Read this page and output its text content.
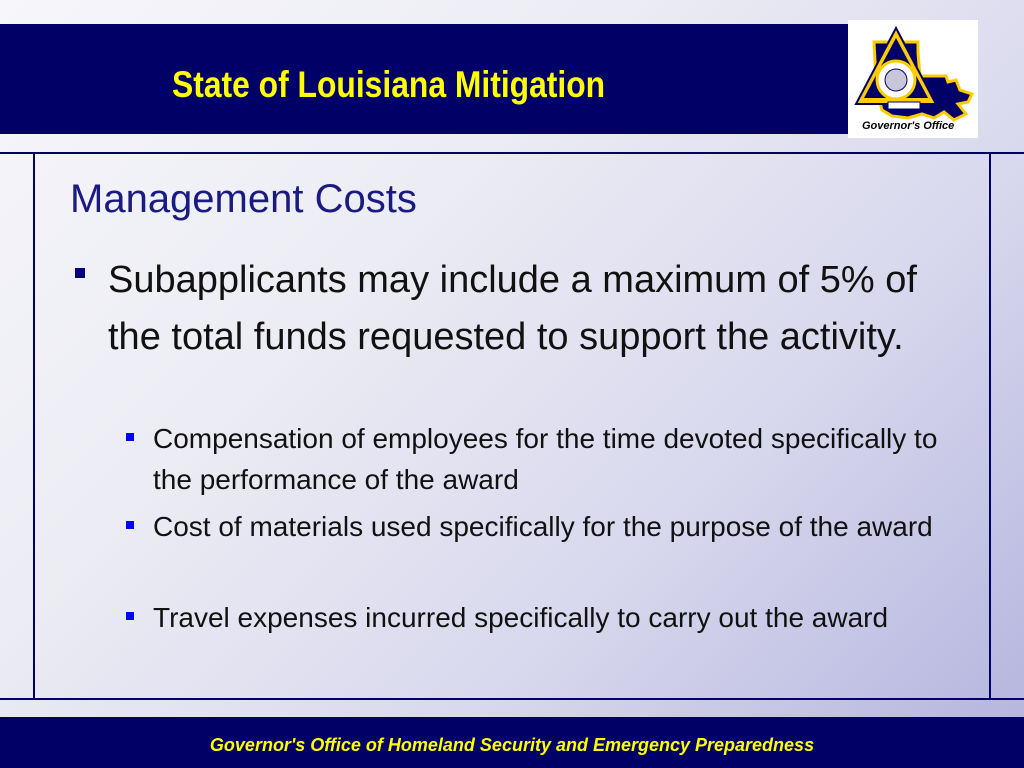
State of Louisiana Mitigation
Governor's Office
Management Costs
Subapplicants may include a maximum of 5% of the total funds requested to support the activity.
Compensation of employees for the time devoted specifically to the performance of the award
Cost of materials used specifically for the purpose of the award
Travel expenses incurred specifically to carry out the award
Governor's Office of Homeland Security and Emergency Preparedness
